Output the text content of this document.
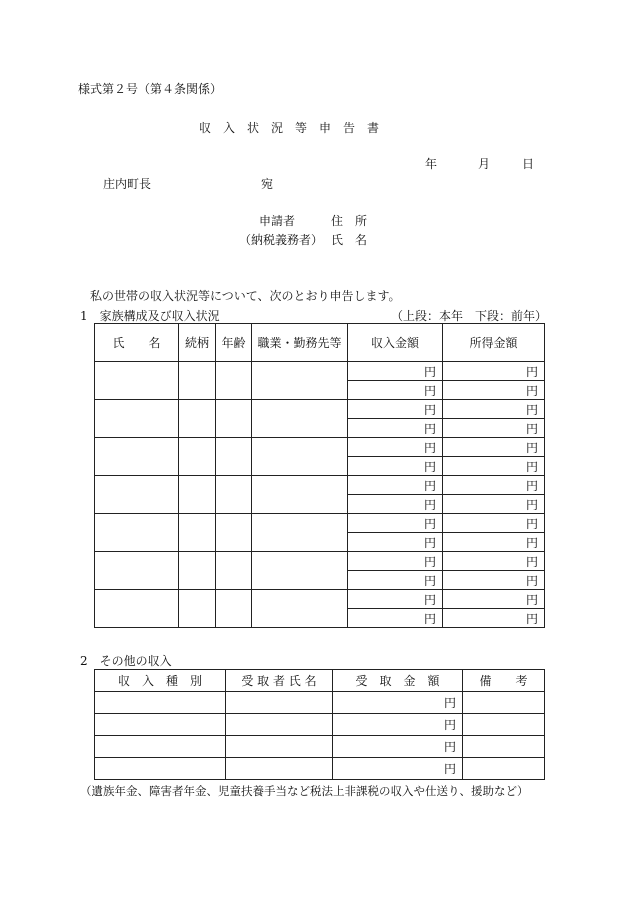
様式第２号（第４条関係）
収　入　状　況　等　申　告　書
年	月	日
庄内町長	宛
申請者	住　所
（納税義務者） 氏　名
私の世帯の収入状況等について、次のとおり申告します。
1　家族構成及び収入状況	（上段：本年　下段：前年）
氏　　名	続柄	年齢	職業・勤務先等	収入金額	所得金額
				円	円
				円	円
				円	円
				円	円
				円	円
				円	円
				円	円
				円	円
				円	円
				円	円
				円	円
				円	円
				円	円
				円	円
2　その他の収入
収　入　種　別	受 取 者 氏 名	受　取　金　額	備　　考
		円	
		円	
		円	
		円	
（遺族年金、障害者年金、児童扶養手当など税法上非課税の収入や仕送り、援助など）
